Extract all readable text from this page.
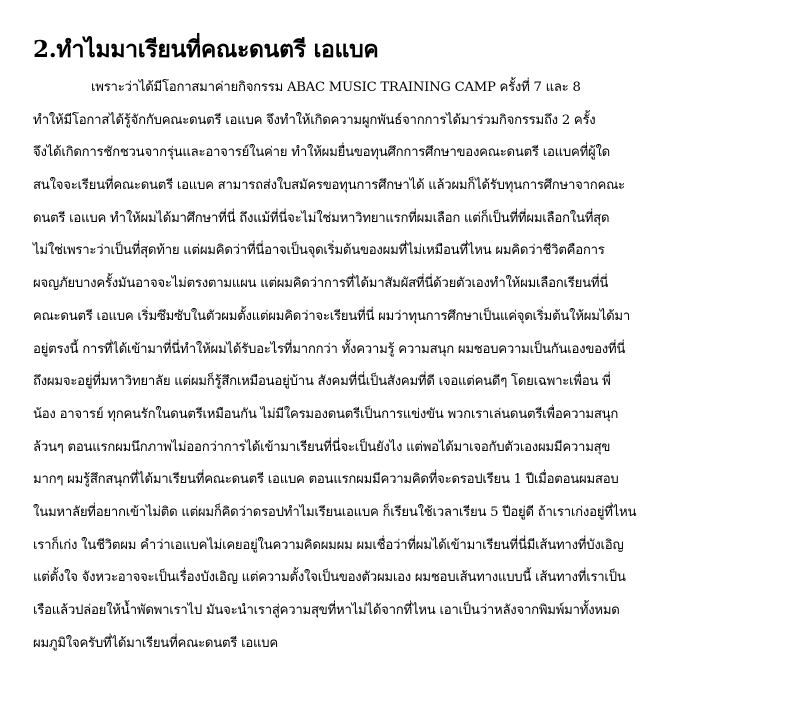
2.ทำไมมาเรียนที่คณะดนตรี เอแบค
เพราะว่าได้มีโอกาสมาค่ายกิจกรรม ABAC MUSIC TRAINING CAMP ครั้งที่ 7 และ 8
ทำให้มีโอกาสได้รู้จักกับคณะดนตรี เอแบค จึงทำให้เกิดความผูกพันธ์จากการได้มาร่วมกิจกรรมถึง 2 ครั้ง
จึงได้เกิดการชักชวนจากรุ่นและอาจารย์ในค่าย ทำให้ผมยื่นขอทุนศึกการศึกษาของคณะดนตรี เอแบคที่ผู้ใด
สนใจจะเรียนที่คณะดนตรี เอแบค สามารถส่งใบสมัครขอทุนการศึกษาได้ แล้วผมก็ได้รับทุนการศึกษาจากคณะ
ดนตรี เอแบค ทำให้ผมได้มาศึกษาที่นี่ ถึงแม้ที่นี่จะไม่ใช่มหาวิทยาแรกที่ผมเลือก แต่ก็เป็นที่ที่ผมเลือกในที่สุด
ไม่ใช่เพราะว่าเป็นที่สุดท้าย แต่ผมคิดว่าที่นี่อาจเป็นจุดเริ่มต้นของผมที่ไม่เหมือนที่ไหน ผมคิดว่าชีวิตคือการ
ผจญภัยบางครั้งมันอาจจะไม่ตรงตามแผน แต่ผมคิดว่าการที่ได้มาสัมผัสที่นี่ด้วยตัวเองทำให้ผมเลือกเรียนที่นี่
คณะดนตรี เอแบค เริ่มซึมซับในตัวผมตั้งแต่ผมคิดว่าจะเรียนที่นี่ ผมว่าทุนการศึกษาเป็นแค่จุดเริ่มต้นให้ผมได้มา
อยู่ตรงนี้ การที่ได้เข้ามาที่นี่ทำให้ผมได้รับอะไรที่มากกว่า ทั้งความรู้ ความสนุก ผมชอบความเป็นกันเองของที่นี่
ถึงผมจะอยู่ที่มหาวิทยาลัย แต่ผมก็รู้สึกเหมือนอยู่บ้าน สังคมที่นี่เป็นสังคมที่ดี เจอแต่คนดีๆ โดยเฉพาะเพื่อน พี่
น้อง อาจารย์ ทุกคนรักในดนตรีเหมือนกัน ไม่มีใครมองดนตรีเป็นการแข่งขัน พวกเราเล่นดนตรีเพื่อความสนุก
ล้วนๆ ตอนแรกผมนึกภาพไม่ออกว่าการได้เข้ามาเรียนที่นี่จะเป็นยังไง แต่พอได้มาเจอกับตัวเองผมมีความสุข
มากๆ ผมรู้สึกสนุกที่ได้มาเรียนที่คณะดนตรี เอแบค ตอนแรกผมมีความคิดที่จะดรอปเรียน 1 ปีเมื่อตอนผมสอบ
ในมหาลัยที่อยากเข้าไม่ติด แต่ผมก็คิดว่าดรอปทำไมเรียนเอแบค ก็เรียนใช้เวลาเรียน 5 ปีอยู่ดี ถ้าเราเก่งอยู่ที่ไหน
เราก็เก่ง ในชีวิตผม คำว่าเอแบคไม่เคยอยู่ในความคิดผมผม ผมเชื่อว่าที่ผมได้เข้ามาเรียนที่นี่มีเส้นทางที่บังเอิญ
แต่ตั้งใจ จังหวะอาจจะเป็นเรื่องบังเอิญ แต่ความตั้งใจเป็นของตัวผมเอง ผมชอบเส้นทางแบบนี้ เส้นทางที่เราเป็น
เรือแล้วปล่อยให้น้ำพัดพาเราไป มันจะนำเราสู่ความสุขที่หาไม่ได้จากที่ไหน เอาเป็นว่าหลังจากพิมพ์มาทั้งหมด
ผมภูมิใจครับที่ได้มาเรียนที่คณะดนตรี เอแบค
